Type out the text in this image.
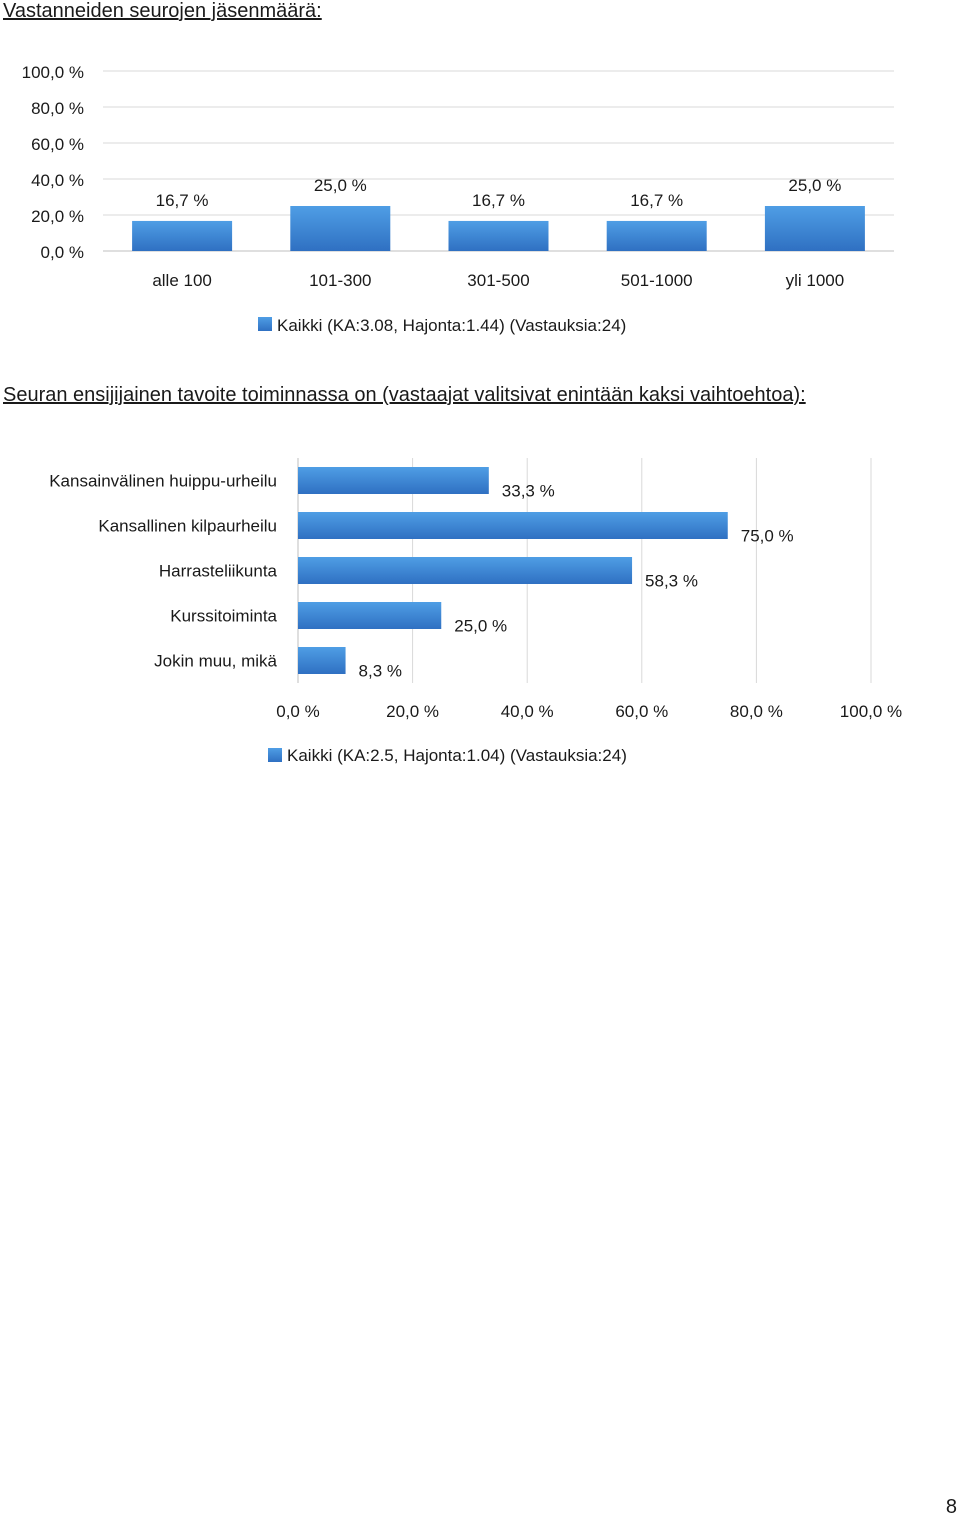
Vastanneiden seurojen jäsenmäärä:
0,0 %
20,0 %
40,0 %
60,0 %
80,0 %
100,0 %
16,7 %
25,0 %
16,7 %	16,7 %
25,0 %
alle 100	101-300	301-500	501-1000	yli 1000
Kaikki (KA:3.08, Hajonta:1.44) (Vastauksia:24)
Seuran ensijijainen tavoite toiminnassa on (vastaajat valitsivat enintään kaksi vaihtoehtoa):
Kansainvälinen huippu-urheilu
Kansallinen kilpaurheilu
Harrasteliikunta
Kurssitoiminta
Jokin muu, mikä
33,3 %
75,0 %
58,3 %
25,0 %
8,3 %
0,0 %	20,0 %	40,0 %	60,0 %	80,0 %	100,0 %
Kaikki (KA:2.5, Hajonta:1.04) (Vastauksia:24)
8
